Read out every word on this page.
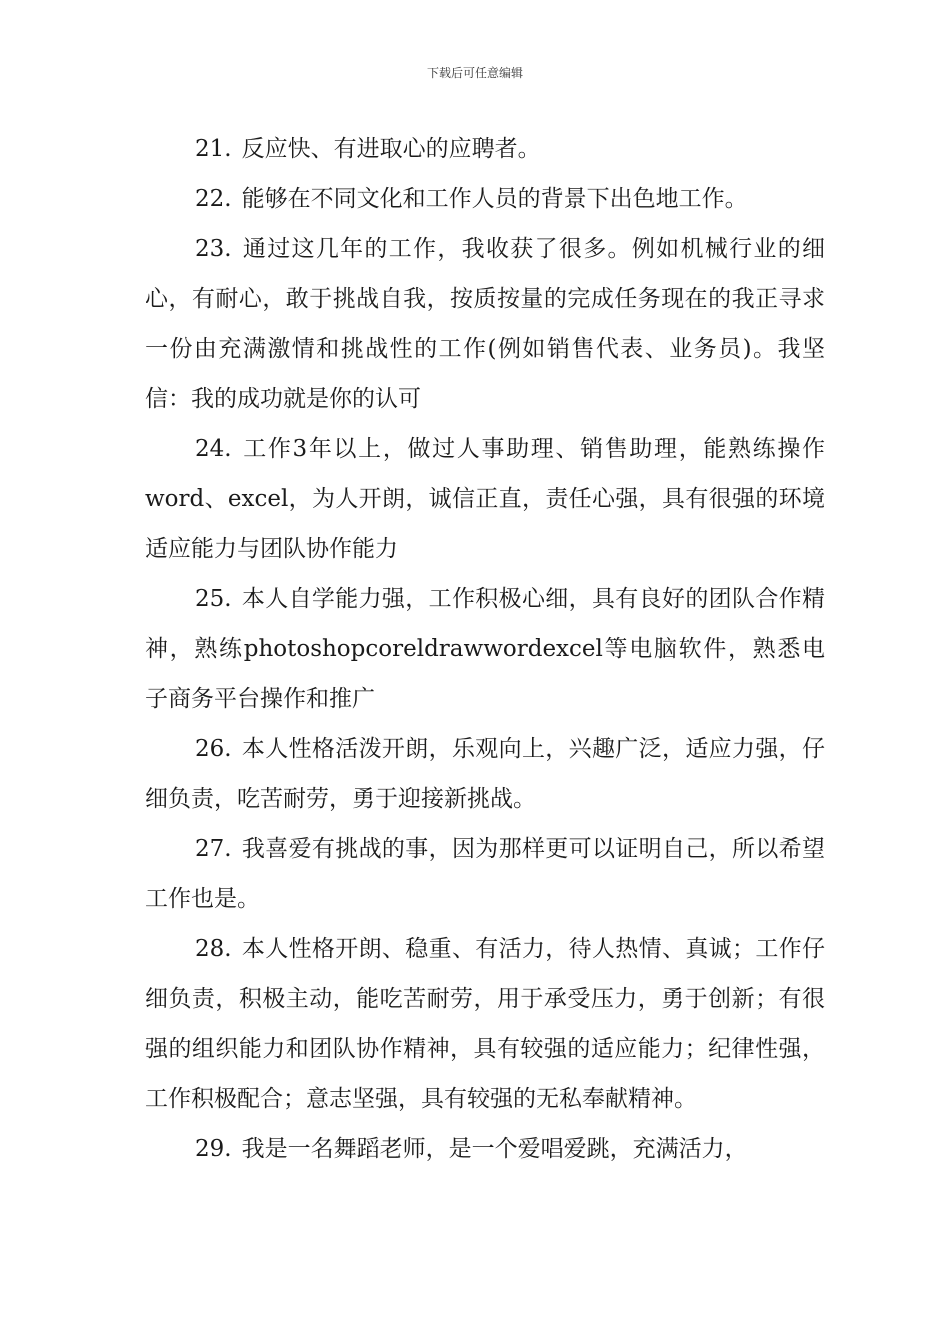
下载后可任意编辑

21. 反应快、有进取心的应聘者。

22. 能够在不同文化和工作人员的背景下出色地工作。

23. 通过这几年的工作，我收获了很多。例如机械行业的细心，有耐心，敢于挑战自我，按质按量的完成任务现在的我正寻求一份由充满激情和挑战性的工作(例如销售代表、业务员)。我坚信：我的成功就是你的认可

24. 工作3年以上，做过人事助理、销售助理，能熟练操作word、excel，为人开朗，诚信正直，责任心强，具有很强的环境适应能力与团队协作能力

25. 本人自学能力强，工作积极心细，具有良好的团队合作精神，熟练photoshopcoreldrawwordexcel等电脑软件，熟悉电子商务平台操作和推广

26. 本人性格活泼开朗，乐观向上，兴趣广泛，适应力强，仔细负责，吃苦耐劳，勇于迎接新挑战。

27. 我喜爱有挑战的事，因为那样更可以证明自己，所以希望工作也是。

28. 本人性格开朗、稳重、有活力，待人热情、真诚；工作仔细负责，积极主动，能吃苦耐劳，用于承受压力，勇于创新；有很强的组织能力和团队协作精神，具有较强的适应能力；纪律性强，工作积极配合；意志坚强，具有较强的无私奉献精神。

29. 我是一名舞蹈老师，是一个爱唱爱跳，充满活力，
